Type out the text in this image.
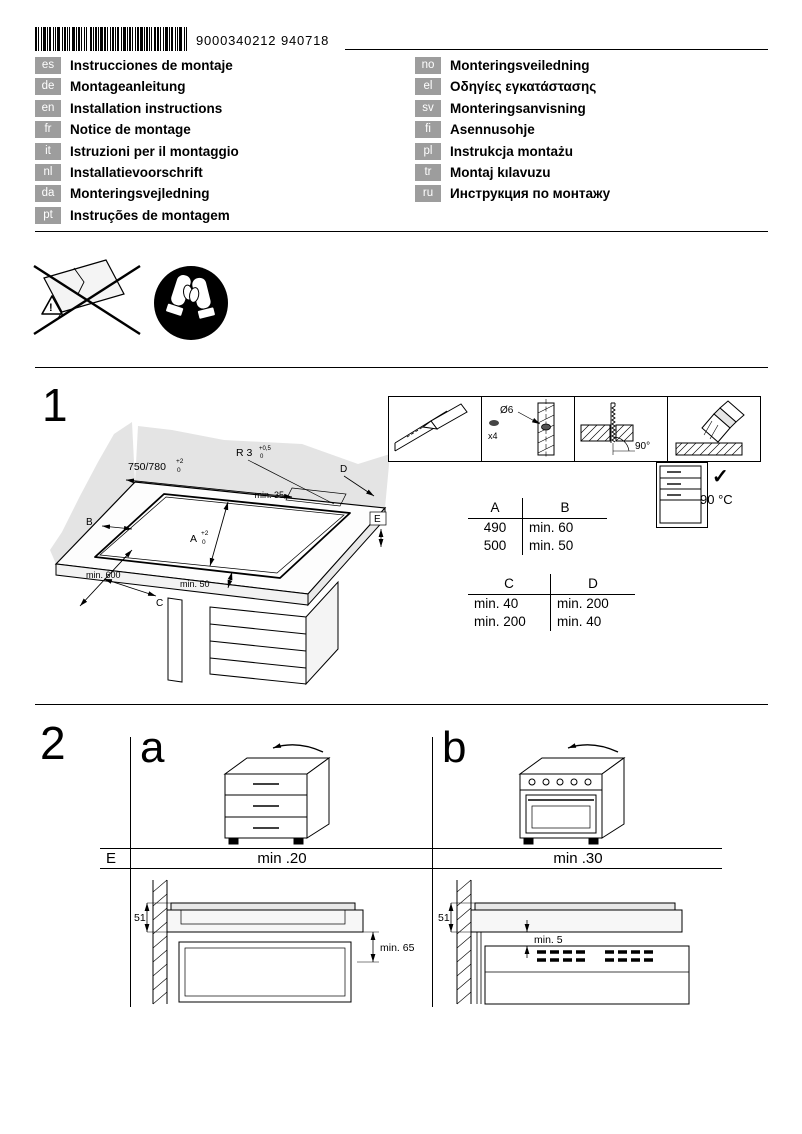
9000340212 940718
es	Instrucciones de montaje
de	Montageanleitung
en	Installation instructions
fr	Notice de montage
it	Istruzioni per il montaggio
nl	Installatievoorschrift
da	Monteringsvejledning
pt	Instruções de montagem
no	Monteringsveiledning
el	Οδηγίες εγκατάστασης
sv	Monteringsanvisning
fi	Asennusohje
pl	Instrukcja montażu
tr	Montaj kılavuzu
ru	Инструкция по монтажу
!
1
750/780 +2
0
R 3 +0,5
0
min. 35
D
E
A +2
0
B
min. 600
min. 50
C
Ø6
x4
90°
✓
90 °C
A	B
490	min. 60
500	min. 50
C	D
min. 40	min. 200
min. 200	min. 40
2 a	b
E	min .20	min .30
51
min. 65
51
min. 5
